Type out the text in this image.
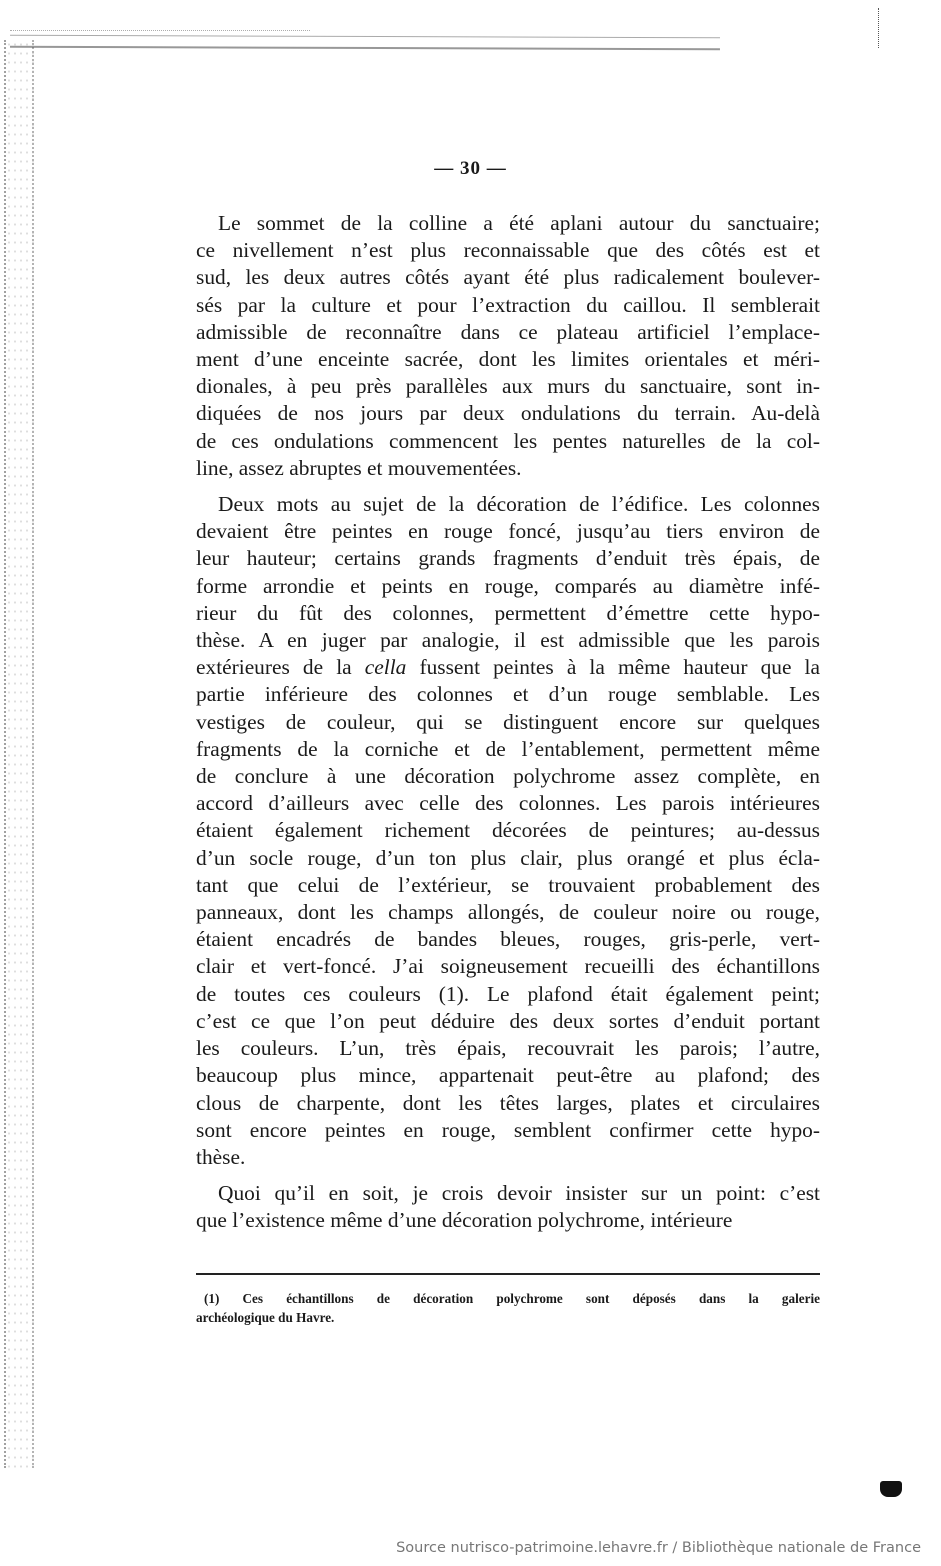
— 30 —

Le sommet de la colline a été aplani autour du sanctuaire;
ce nivellement n’est plus reconnaissable que des côtés est et
sud, les deux autres côtés ayant été plus radicalement boulever-
sés par la culture et pour l’extraction du caillou. Il semblerait
admissible de reconnaître dans ce plateau artificiel l’emplace-
ment d’une enceinte sacrée, dont les limites orientales et méri-
dionales, à peu près parallèles aux murs du sanctuaire, sont in-
diquées de nos jours par deux ondulations du terrain. Au-delà
de ces ondulations commencent les pentes naturelles de la col-
line, assez abruptes et mouvementées.

Deux mots au sujet de la décoration de l’édifice. Les colonnes
devaient être peintes en rouge foncé, jusqu’au tiers environ de
leur hauteur; certains grands fragments d’enduit très épais, de
forme arrondie et peints en rouge, comparés au diamètre infé-
rieur du fût des colonnes, permettent d’émettre cette hypo-
thèse. A en juger par analogie, il est admissible que les parois
extérieures de la cella fussent peintes à la même hauteur que la
partie inférieure des colonnes et d’un rouge semblable. Les
vestiges de couleur, qui se distinguent encore sur quelques
fragments de la corniche et de l’entablement, permettent même
de conclure à une décoration polychrome assez complète, en
accord d’ailleurs avec celle des colonnes. Les parois intérieures
étaient également richement décorées de peintures; au-dessus
d’un socle rouge, d’un ton plus clair, plus orangé et plus écla-
tant que celui de l’extérieur, se trouvaient probablement des
panneaux, dont les champs allongés, de couleur noire ou rouge,
étaient encadrés de bandes bleues, rouges, gris-perle, vert-
clair et vert-foncé. J’ai soigneusement recueilli des échantillons
de toutes ces couleurs (1). Le plafond était également peint;
c’est ce que l’on peut déduire des deux sortes d’enduit portant
les couleurs. L’un, très épais, recouvrait les parois; l’autre,
beaucoup plus mince, appartenait peut-être au plafond; des
clous de charpente, dont les têtes larges, plates et circulaires
sont encore peintes en rouge, semblent confirmer cette hypo-
thèse.

Quoi qu’il en soit, je crois devoir insister sur un point: c’est
que l’existence même d’une décoration polychrome, intérieure

(1) Ces échantillons de décoration polychrome sont déposés dans la galerie
archéologique du Havre.
Source nutrisco-patrimoine.lehavre.fr / Bibliothèque nationale de France
